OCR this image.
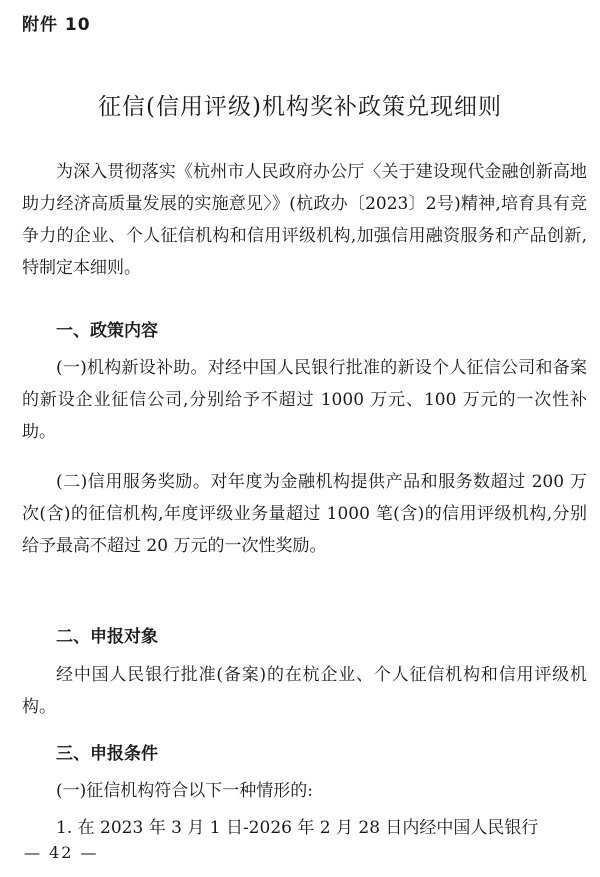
附件 10
征信(信用评级)机构奖补政策兑现细则

为深入贯彻落实《杭州市人民政府办公厅〈关于建设现代金融创新高地助力经济高质量发展的实施意见〉》(杭政办〔2023〕2号)精神,培育具有竞争力的企业、个人征信机构和信用评级机构,加强信用融资服务和产品创新,特制定本细则。

一、政策内容

(一)机构新设补助。对经中国人民银行批准的新设个人征信公司和备案的新设企业征信公司,分别给予不超过 1000 万元、100 万元的一次性补助。

(二)信用服务奖励。对年度为金融机构提供产品和服务数超过 200 万次(含)的征信机构,年度评级业务量超过 1000 笔(含)的信用评级机构,分别给予最高不超过 20 万元的一次性奖励。

二、申报对象

经中国人民银行批准(备案)的在杭企业、个人征信机构和信用评级机构。

三、申报条件

(一)征信机构符合以下一种情形的:

1. 在 2023 年 3 月 1 日-2026 年 2 月 28 日内经中国人民银行

— 42 —
